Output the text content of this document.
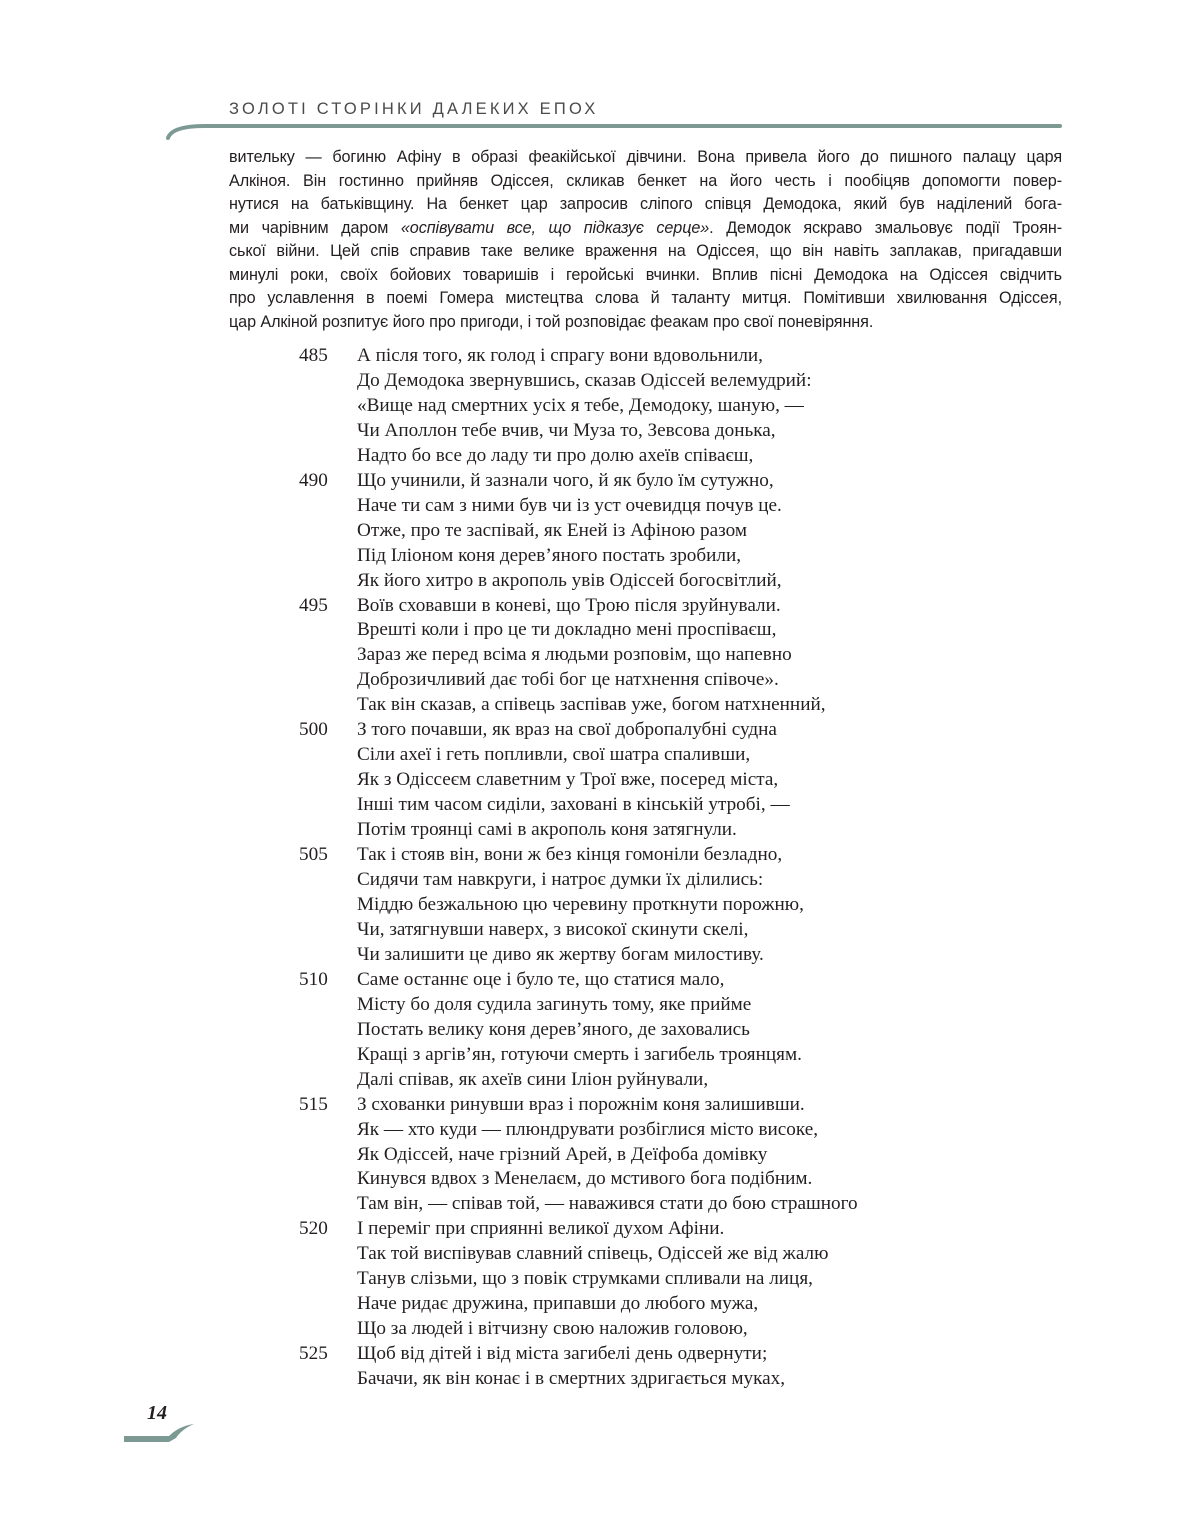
ЗОЛОТІ СТОРІНКИ ДАЛЕКИХ ЕПОХ
вительку — богиню Афіну в образі феакійської дівчини. Вона привела його до пишного палацу царя
Алкіноя. Він гостинно прийняв Одіссея, скликав бенкет на його честь і пообіцяв допомогти повер-
нутися на батьківщину. На бенкет цар запросив сліпого співця Демодока, який був наділений бога-
ми чарівним даром «оспівувати все, що підказує серце». Демодок яскраво змальовує події Троян-
ської війни. Цей спів справив таке велике враження на Одіссея, що він навіть заплакав, пригадавши
минулі роки, своїх бойових товаришів і геройські вчинки. Вплив пісні Демодока на Одіссея свідчить
про уславлення в поемі Гомера мистецтва слова й таланту митця. Помітивши хвилювання Одіссея,
цар Алкіной розпитує його про пригоди, і той розповідає феакам про свої поневіряння.
485	А після того, як голод і спрагу вони вдовольнили,
До Демодока звернувшись, сказав Одіссей велемудрий:
«Вище над смертних усіх я тебе, Демодоку, шаную, —
Чи Аполлон тебе вчив, чи Муза то, Зевсова донька,
Надто бо все до ладу ти про долю ахеїв співаєш,
490	Що учинили, й зазнали чого, й як було їм сутужно,
Наче ти сам з ними був чи із уст очевидця почув це.
Отже, про те заспівай, як Еней із Афіною разом
Під Іліоном коня дерев’яного постать зробили,
Як його хитро в акрополь увів Одіссей богосвітлий,
495	Воїв сховавши в коневі, що Трою після зруйнували.
Врешті коли і про це ти докладно мені проспіваєш,
Зараз же перед всіма я людьми розповім, що напевно
Доброзичливий дає тобі бог це натхнення співоче».
Так він сказав, а співець заспівав уже, богом натхненний,
500	З того почавши, як враз на свої добропалубні судна
Сіли ахеї і геть попливли, свої шатра спаливши,
Як з Одіссеєм славетним у Трої вже, посеред міста,
Інші тим часом сиділи, заховані в кінській утробі, —
Потім троянці самі в акрополь коня затягнули.
505	Так і стояв він, вони ж без кінця гомоніли безладно,
Сидячи там навкруги, і натроє думки їх ділились:
Міддю безжальною цю черевину проткнути порожню,
Чи, затягнувши наверх, з високої скинути скелі,
Чи залишити це диво як жертву богам милостиву.
510	Саме останнє оце і було те, що статися мало,
Місту бо доля судила загинуть тому, яке прийме
Постать велику коня дерев’яного, де заховались
Кращі з аргів’ян, готуючи смерть і загибель троянцям.
Далі співав, як ахеїв сини Іліон руйнували,
515	З схованки ринувши враз і порожнім коня залишивши.
Як — хто куди — плюндрувати розбіглися місто високе,
Як Одіссей, наче грізний Арей, в Деїфоба домівку
Кинувся вдвох з Менелаєм, до мстивого бога подібним.
Там він, — співав той, — наважився стати до бою страшного
520	І переміг при сприянні великої духом Афіни.
Так той виспівував славний співець, Одіссей же від жалю
Танув слізьми, що з повік струмками спливали на лиця,
Наче ридає дружина, припавши до любого мужа,
Що за людей і вітчизну свою наложив головою,
525	Щоб від дітей і від міста загибелі день одвернути;
Бачачи, як він конає і в смертних здригається муках,
14
